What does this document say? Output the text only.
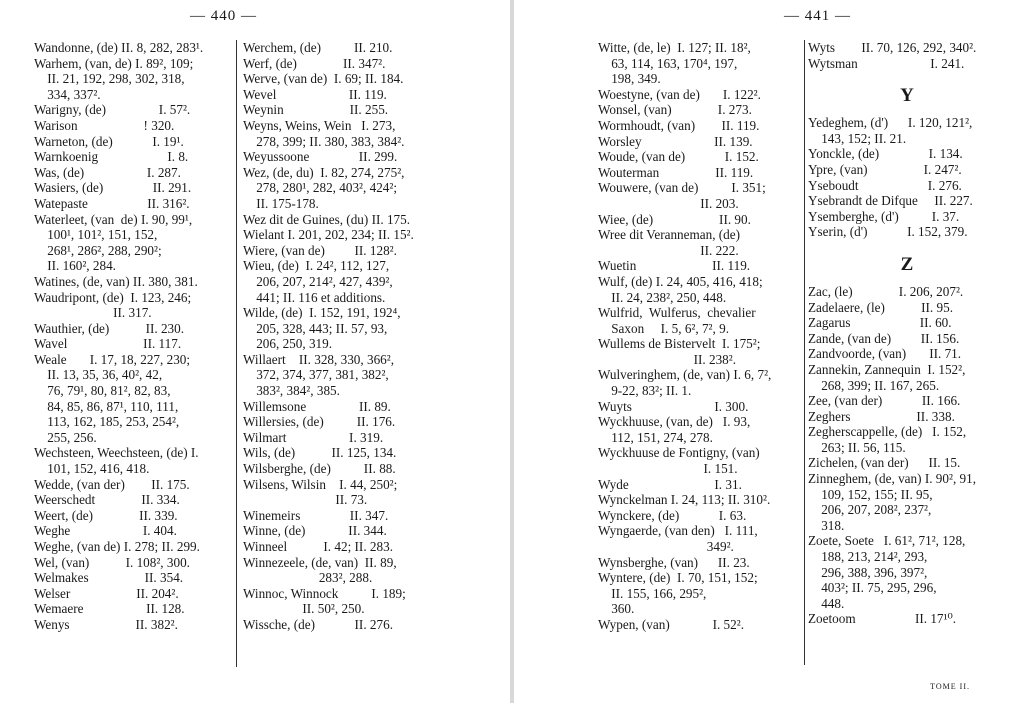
— 440 —
Wandonne, (de) II. 8, 282, 283¹.
Warhem, (van, de) I. 89², 109;
II. 21, 192, 298, 302, 318,
334, 337².
Warigny, (de)                I. 57².
Warison                    ! 320.
Warneton, (de)            I. 19¹.
Warnkoenig                     I. 8.
Was, (de)                   I. 287.
Wasiers, (de)               II. 291.
Watepaste                  II. 316².
Waterleet, (van  de) I. 90, 99¹,
100¹, 101², 151, 152,
268¹, 286², 288, 290²;
II. 160², 284.
Watines, (de, van) II. 380, 381.
Waudripont, (de)  I. 123, 246;
II. 317.
Wauthier, (de)           II. 230.
Wavel                       II. 117.
Weale       I. 17, 18, 227, 230;
II. 13, 35, 36, 40², 42,
76, 79¹, 80, 81², 82, 83,
84, 85, 86, 87¹, 110, 111,
113, 162, 185, 253, 254²,
255, 256.
Wechsteen, Weechsteen, (de) I.
101, 152, 416, 418.
Wedde, (van der)        II. 175.
Weerschedt              II. 334.
Weert, (de)              II. 339.
Weghe                      I. 404.
Weghe, (van de) I. 278; II. 299.
Wel, (van)           I. 108², 300.
Welmakes                 II. 354.
Welser                    II. 204².
Wemaere                   II. 128.
Wenys                    II. 382².
Werchem, (de)          II. 210.
Werf, (de)              II. 347².
Werve, (van de)  I. 69; II. 184.
Wevel                      II. 119.
Weynin                    II. 255.
Weyns, Weins, Wein   I. 273,
278, 399; II. 380, 383, 384².
Weyussoone               II. 299.
Wez, (de, du)  I. 82, 274, 275²,
278, 280¹, 282, 403², 424²;
II. 175-178.
Wez dit de Guines, (du) II. 175.
Wielant I. 201, 202, 234; II. 15².
Wiere, (van de)         II. 128².
Wieu, (de)  I. 24², 112, 127,
206, 207, 214², 427, 439²,
441; II. 116 et additions.
Wilde, (de)  I. 152, 191, 192⁴,
205, 328, 443; II. 57, 93,
206, 250, 319.
Willaert    II. 328, 330, 366²,
372, 374, 377, 381, 382²,
383², 384², 385.
Willemsone                II. 89.
Willersies, (de)          II. 176.
Wilmart                   I. 319.
Wils, (de)           II. 125, 134.
Wilsberghe, (de)          II. 88.
Wilsens, Wilsin    I. 44, 250²;
II. 73.
Winemeirs               II. 347.
Winne, (de)             II. 344.
Winneel           I. 42; II. 283.
Winnezeele, (de, van)  II. 89,
283², 288.
Winnoc, Winnock          I. 189;
II. 50², 250.
Wissche, (de)            II. 276.
— 441 —
Witte, (de, le)  I. 127; II. 18²,
63, 114, 163, 170⁴, 197,
198, 349.
Woestyne, (van de)       I. 122².
Wonsel, (van)              I. 273.
Wormhoudt, (van)        II. 119.
Worsley                      II. 139.
Woude, (van de)            I. 152.
Wouterman                 II. 119.
Wouwere, (van de)          I. 351;
II. 203.
Wiee, (de)                    II. 90.
Wree dit Veranneman, (de)
II. 222.
Wuetin                       II. 119.
Wulf, (de) I. 24, 405, 416, 418;
II. 24, 238², 250, 448.
Wulfrid,  Wulferus,  chevalier
Saxon     I. 5, 6², 7², 9.
Wullems de Bistervelt  I. 175²;
II. 238².
Wulveringhem, (de, van) I. 6, 7²,
9-22, 83²; II. 1.
Wuyts                         I. 300.
Wyckhuuse, (van, de)   I. 93,
112, 151, 274, 278.
Wyckhuuse de Fontigny, (van)
I. 151.
Wyde                          I. 31.
Wynckelman I. 24, 113; II. 310².
Wynckere, (de)            I. 63.
Wyngaerde, (van den)   I. 111,
349².
Wynsberghe, (van)      II. 23.
Wyntere, (de)  I. 70, 151, 152;
II. 155, 166, 295²,
360.
Wypen, (van)             I. 52².
Wyts        II. 70, 126, 292, 340².
Wytsman                      I. 241.
Y
Yedeghem, (d')      I. 120, 121²,
143, 152; II. 21.
Yonckle, (de)               I. 134.
Ypre, (van)                 I. 247².
Yseboudt                     I. 276.
Ysebrandt de Difque     II. 227.
Ysemberghe, (d')          I. 37.
Yserin, (d')            I. 152, 379.
Z
Zac, (le)              I. 206, 207².
Zadelaere, (le)           II. 95.
Zagarus                     II. 60.
Zande, (van de)         II. 156.
Zandvoorde, (van)       II. 71.
Zannekin, Zannequin  I. 152²,
268, 399; II. 167, 265.
Zee, (van der)            II. 166.
Zeghers                    II. 338.
Zegherscappelle, (de)   I. 152,
263; II. 56, 115.
Zichelen, (van der)      II. 15.
Zinneghem, (de, van) I. 90², 91,
109, 152, 155; II. 95,
206, 207, 208², 237²,
318.
Zoete, Soete   I. 61², 71², 128,
188, 213, 214², 293,
296, 388, 396, 397²,
403²; II. 75, 295, 296,
448.
Zoetoom                  II. 17¹⁰.
TOME II.
